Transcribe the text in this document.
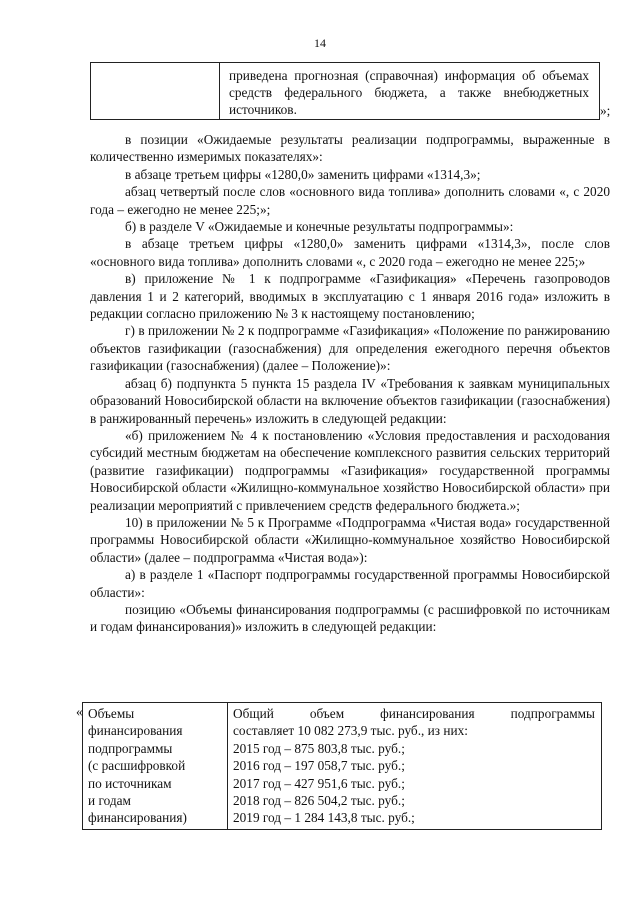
14
приведена прогнозная (справочная) информация об объемах средств федерального бюджета, а также внебюджетных источников.	»;

в позиции «Ожидаемые результаты реализации подпрограммы, выраженные в количественно измеримых показателях»:

в абзаце третьем цифры «1280,0» заменить цифрами «1314,3»;

абзац четвертый после слов «основного вида топлива» дополнить словами «, с 2020 года – ежегодно не менее 225;»;

б) в разделе V «Ожидаемые и конечные результаты подпрограммы»:

в абзаце третьем цифры «1280,0» заменить цифрами «1314,3», после слов «основного вида топлива» дополнить словами «, с 2020 года – ежегодно не менее 225;»

в) приложение № 1 к подпрограмме «Газификация» «Перечень газопроводов давления 1 и 2 категорий, вводимых в эксплуатацию с 1 января 2016 года» изложить в редакции согласно приложению № 3 к настоящему постановлению;

г) в приложении № 2 к подпрограмме «Газификация» «Положение по ранжированию объектов газификации (газоснабжения) для определения ежегодного перечня объектов газификации (газоснабжения) (далее – Положение)»:

абзац б) подпункта 5 пункта 15 раздела IV «Требования к заявкам муниципальных образований Новосибирской области на включение объектов газификации (газоснабжения) в ранжированный перечень» изложить в следующей редакции:

«б) приложением № 4 к постановлению «Условия предоставления и расходования субсидий местным бюджетам на обеспечение комплексного развития сельских территорий (развитие газификации) подпрограммы «Газификация» государственной программы Новосибирской области «Жилищно-коммунальное хозяйство Новосибирской области» при реализации мероприятий с привлечением средств федерального бюджета.»;

10) в приложении № 5 к Программе «Подпрограмма «Чистая вода» государственной программы Новосибирской области «Жилищно-коммунальное хозяйство Новосибирской области» (далее – подпрограмма «Чистая вода»):

а) в разделе 1 «Паспорт подпрограммы государственной программы Новосибирской области»:

позицию «Объемы финансирования подпрограммы (с расшифровкой по источникам и годам финансирования)» изложить в следующей редакции:

« Объемы
финансирования
подпрограммы
(с расшифровкой
по источникам
и годам
финансирования)
Общий объем финансирования подпрограммы
составляет 10 082 273,9 тыс. руб., из них:
2015 год – 875 803,8 тыс. руб.;
2016 год – 197 058,7 тыс. руб.;
2017 год – 427 951,6 тыс. руб.;
2018 год – 826 504,2 тыс. руб.;
2019 год – 1 284 143,8 тыс. руб.;
